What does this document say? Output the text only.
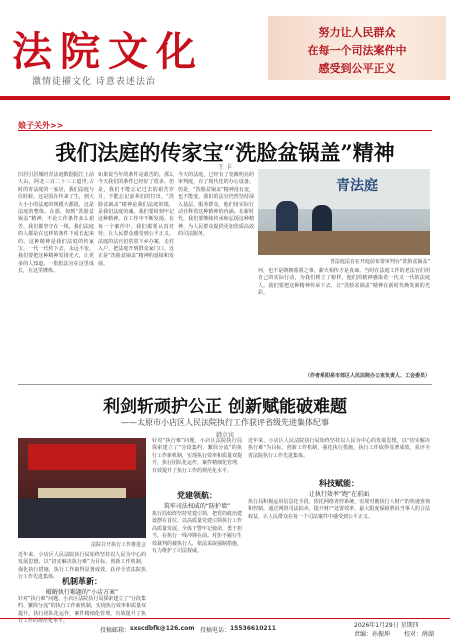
法院文化
激情徒擢文化 诗意表述法治
努力让人民群众
在每一个司法案件中
感受到公平正义
娘子关外>>
我们法庭的传家宝“洗脸盆锅盖”精神
王 卡
旧居引居城时青法庭数据据江上前大山，阿北三百二十三工道世,古时的青法庭的一家居，我们法庭与住时候，这是国在传来了生，到大大小小的法庭的规模大都很，这是法庭的整体。在那，如到“洗脸盆锅盖”精神，不论工作条件多么艰苦，我们都坚守在一线。我们法庭的人都是在这样的条件下成长起来的。这种精神是我们法庭的传家宝，一代一代传下去，永远不变。我们要把这种精神发扬光大，让更多的人知道。一批批法官在这里成长，在这里锤炼。
如果说当年的条件是艰苦的，那么今天我们的条件已经好了很多。但是，我们不能忘记过去的艰苦岁月，不能忘记前辈们的付出。“洗脸盆锅盖”精神是我们法庭的根，是我们法庭的魂。我们要时刻牢记这种精神，在工作中不断发扬。在每一个案件中，我们都要认真对待，让人民群众感受到公平正义。法庭的法官们常常下乡办案，走村入户，把法庭开到群众家门口。这正是“洗脸盆锅盖”精神的延续和发展。
今天的法庭，已经有了宽敞明亮的审判庭，有了现代化的办公设备。但是，“洗脸盆锅盖”精神没有变，也不能变。我们的法官仍然坚持深入基层，服务群众。他们用实际行动诠释着这种精神的内涵。在新时代，我们要继续传承和弘扬这种精神，为人民群众提供更加优质高效的司法服务。
青法庭
青法庭法官在开庭前布置审判台“洗脸盆锅盖”
何，也不是朝朝暮暮之事，薪火相传才是真谛。当时在法庭工作的老法官们用自己的实际行动，为我们树立了榜样。他们的精神感染着一代又一代的法庭人。我们要把这种精神传承下去，让“洗脸盆锅盖”精神在新时代焕发新的光彩。
（作者系阳泉市郊区人民法院办公室负责人、工会委员）
利剑斩顽护公正 创新赋能破难题
——太原市小店区人民法院执行工作获评省级先进集体纪事
韩立宾
法院召开执行工作推进会
近年来，小店区人民法院执行局始终坚持以人民为中心的发展思想，以“切实解决执行难”为目标，创新工作机制，强化执行措施，执行工作取得显著成效，获评全省法院执行工作先进集体。 机制革新：
破解执行难题的“小店方案”
针对“执行难”问题，小店区法院执行局探索建立了“分段集约、繁简分流”的执行工作新机制，实现执行效率和质量双提升。执行团队化运作，案件精细化管理，有效提升了执行工作的规范化水平。
针对“执行难”问题，小店区法院执行局探索建立了“分段集约、繁简分流”的执行工作新机制，实现执行效率和质量双提升。执行团队化运作，案件精细化管理，有效提升了执行工作的规范化水平。
党建领航：
筑牢司法权威的“防护墙”
执行局始终坚持党建引领，把党的政治建设摆在首位，以高质量党建引领执行工作高质量发展。全体干警牢记使命，勇于担当，在执行一线冲锋在前。对拒不履行生效裁判的被执行人，依法采取强制措施，有力维护了司法权威。
近年来，小店区人民法院执行局始终坚持以人民为中心的发展思想，以“切实解决执行难”为目标，创新工作机制，强化执行措施，执行工作取得显著成效，获评全省法院执行工作先进集体。
科技赋能：
让执行效率“跑”在前面
执行局积极运用信息化手段，依托网络查控系统，实现对被执行人财产的快速查询和控制。通过网络司法拍卖，提升财产处置效率，最大限度保障胜诉当事人的合法权益，让人民群众在每一个司法案件中感受到公平正义。
投稿邮箱： sxscdbfk@126.com 投稿电话： 15536610211	2026年1月29日 星期四
责编：孙振坤 校对：薛湖
